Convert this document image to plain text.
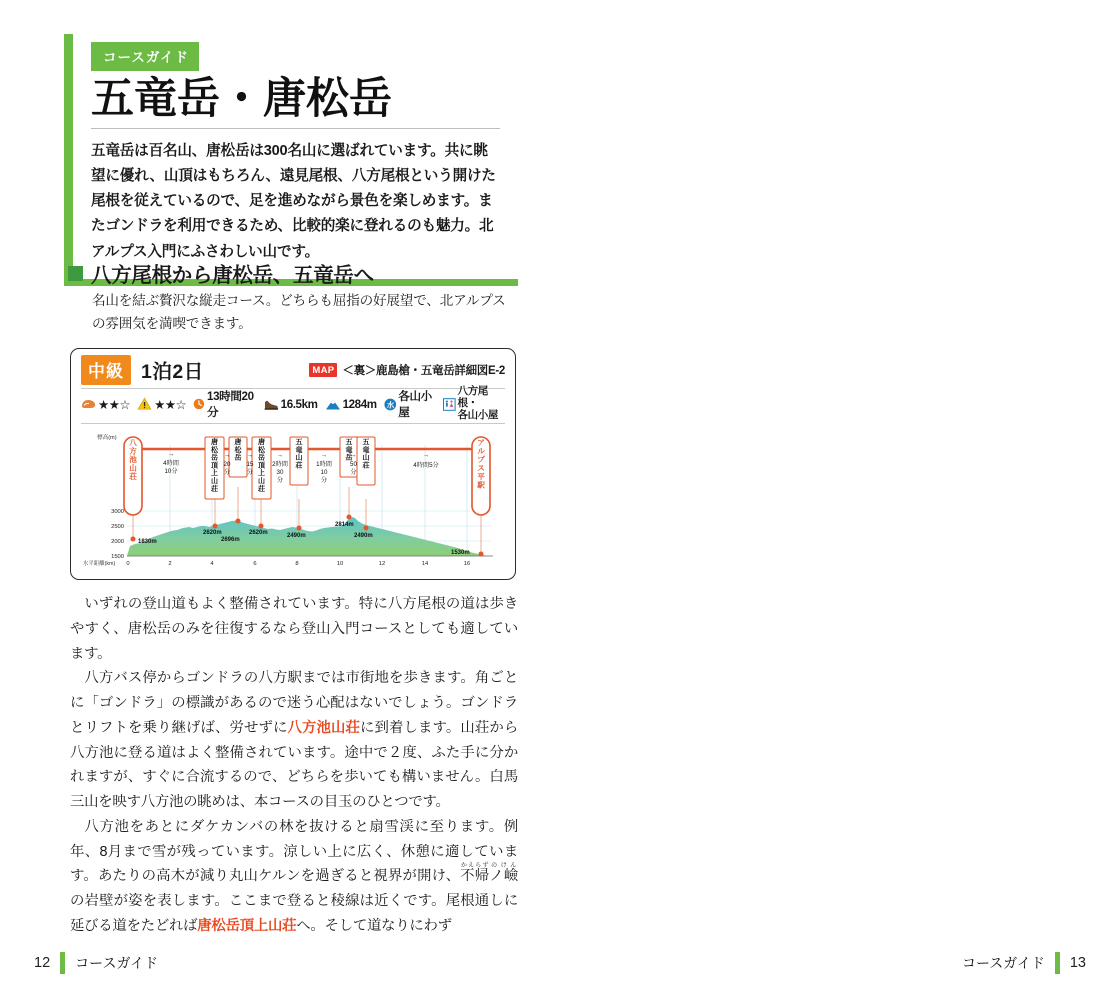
コースガイド
五竜岳・唐松岳
五竜岳は百名山、唐松岳は300名山に選ばれています。共に眺望に優れ、山頂はもちろん、遠見尾根、八方尾根という開けた尾根を従えているので、足を進めながら景色を楽しめます。またゴンドラを利用できるため、比較的楽に登れるのも魅力。北アルプス入門にふさわしい山です。
八方尾根から唐松岳、五竜岳へ
名山を結ぶ贅沢な縦走コース。どちらも屈指の好展望で、北アルプスの雰囲気を満喫できます。
中級 1泊2日	MAP ＜裏＞鹿島槍・五竜岳詳細図E-2
★★☆ ★★☆
13時間20分
16.5km 1284m 水
各山小屋
八方尾根・
各山小屋
標高(m)
3000
2500
2000
1500
0	2	4	6	8	10	12	14	16
水平距離(km)
八方池山荘
アルプス平駅
唐松岳頂上山荘
唐松岳
唐松岳頂上山荘
五竜山荘
五竜岳
五竜山荘
→
4時間
10分
→
20
分
→
15
分
→
2時間
30
分
→
1時間
10
分
→
50
分
→
4時間5分
1830m
2620m
2696m
2620m	2490m
2814m
2490m
1530m

いずれの登山道もよく整備されています。特に八方尾根の道は歩きやすく、唐松岳のみを往復するなら登山入門コースとしても適しています。

八方バス停からゴンドラの八方駅までは市街地を歩きます。角ごとに「ゴンドラ」の標識があるので迷う心配はないでしょう。ゴンドラとリフトを乗り継げば、労せずに八方池山荘に到着します。山荘から八方池に登る道はよく整備されています。途中で２度、ふた手に分かれますが、すぐに合流するので、どちらを歩いても構いません。白馬三山を映す八方池の眺めは、本コースの目玉のひとつです。

八方池をあとにダケカンバの林を抜けると扇雪渓に至ります。例年、8月まで雪が残っています。涼しい上に広く、休憩に適しています。あたりの高木が減り丸山ケルンを過ぎると視界が開け、不帰かえらずノ嶮のけんの岩壁が姿を表します。ここまで登ると稜線は近くです。尾根通しに延びる道をたどれば唐松岳頂上山荘へ。そして道なりにわず

12 コースガイド	コースガイド 13
